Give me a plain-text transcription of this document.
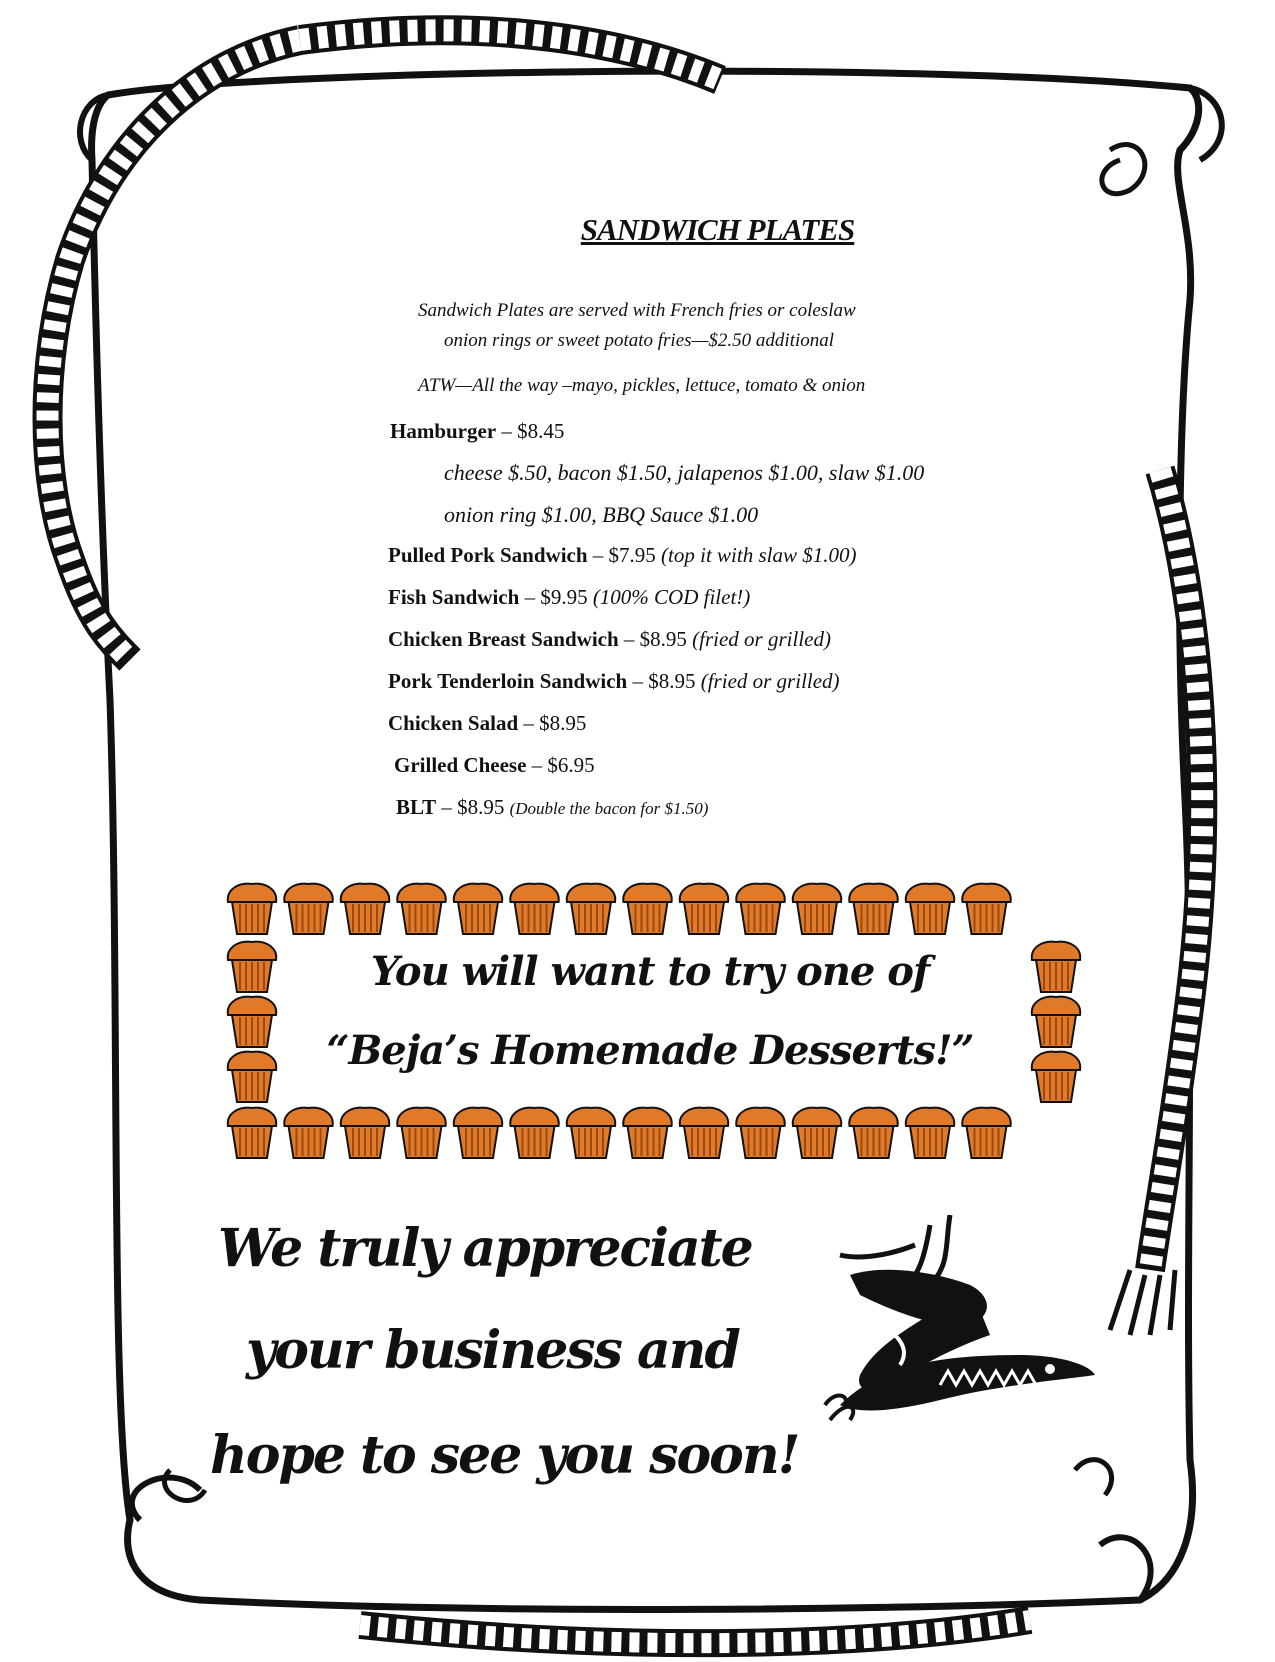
SANDWICH PLATES
Sandwich Plates are served with French fries or coleslaw
onion rings or sweet potato fries—$2.50 additional
ATW—All the way –mayo, pickles, lettuce, tomato & onion
Hamburger – $8.45
cheese $.50, bacon $1.50, jalapenos $1.00, slaw $1.00
onion ring $1.00, BBQ Sauce $1.00
Pulled Pork Sandwich – $7.95 (top it with slaw $1.00)
Fish Sandwich – $9.95 (100% COD filet!)
Chicken Breast Sandwich – $8.95 (fried or grilled)
Pork Tenderloin Sandwich – $8.95 (fried or grilled)
Chicken Salad – $8.95
Grilled Cheese – $6.95
BLT – $8.95 (Double the bacon for $1.50)
You will want to try one of
“Beja’s Homemade Desserts!”
We truly appreciate
your business and
hope to see you soon!
